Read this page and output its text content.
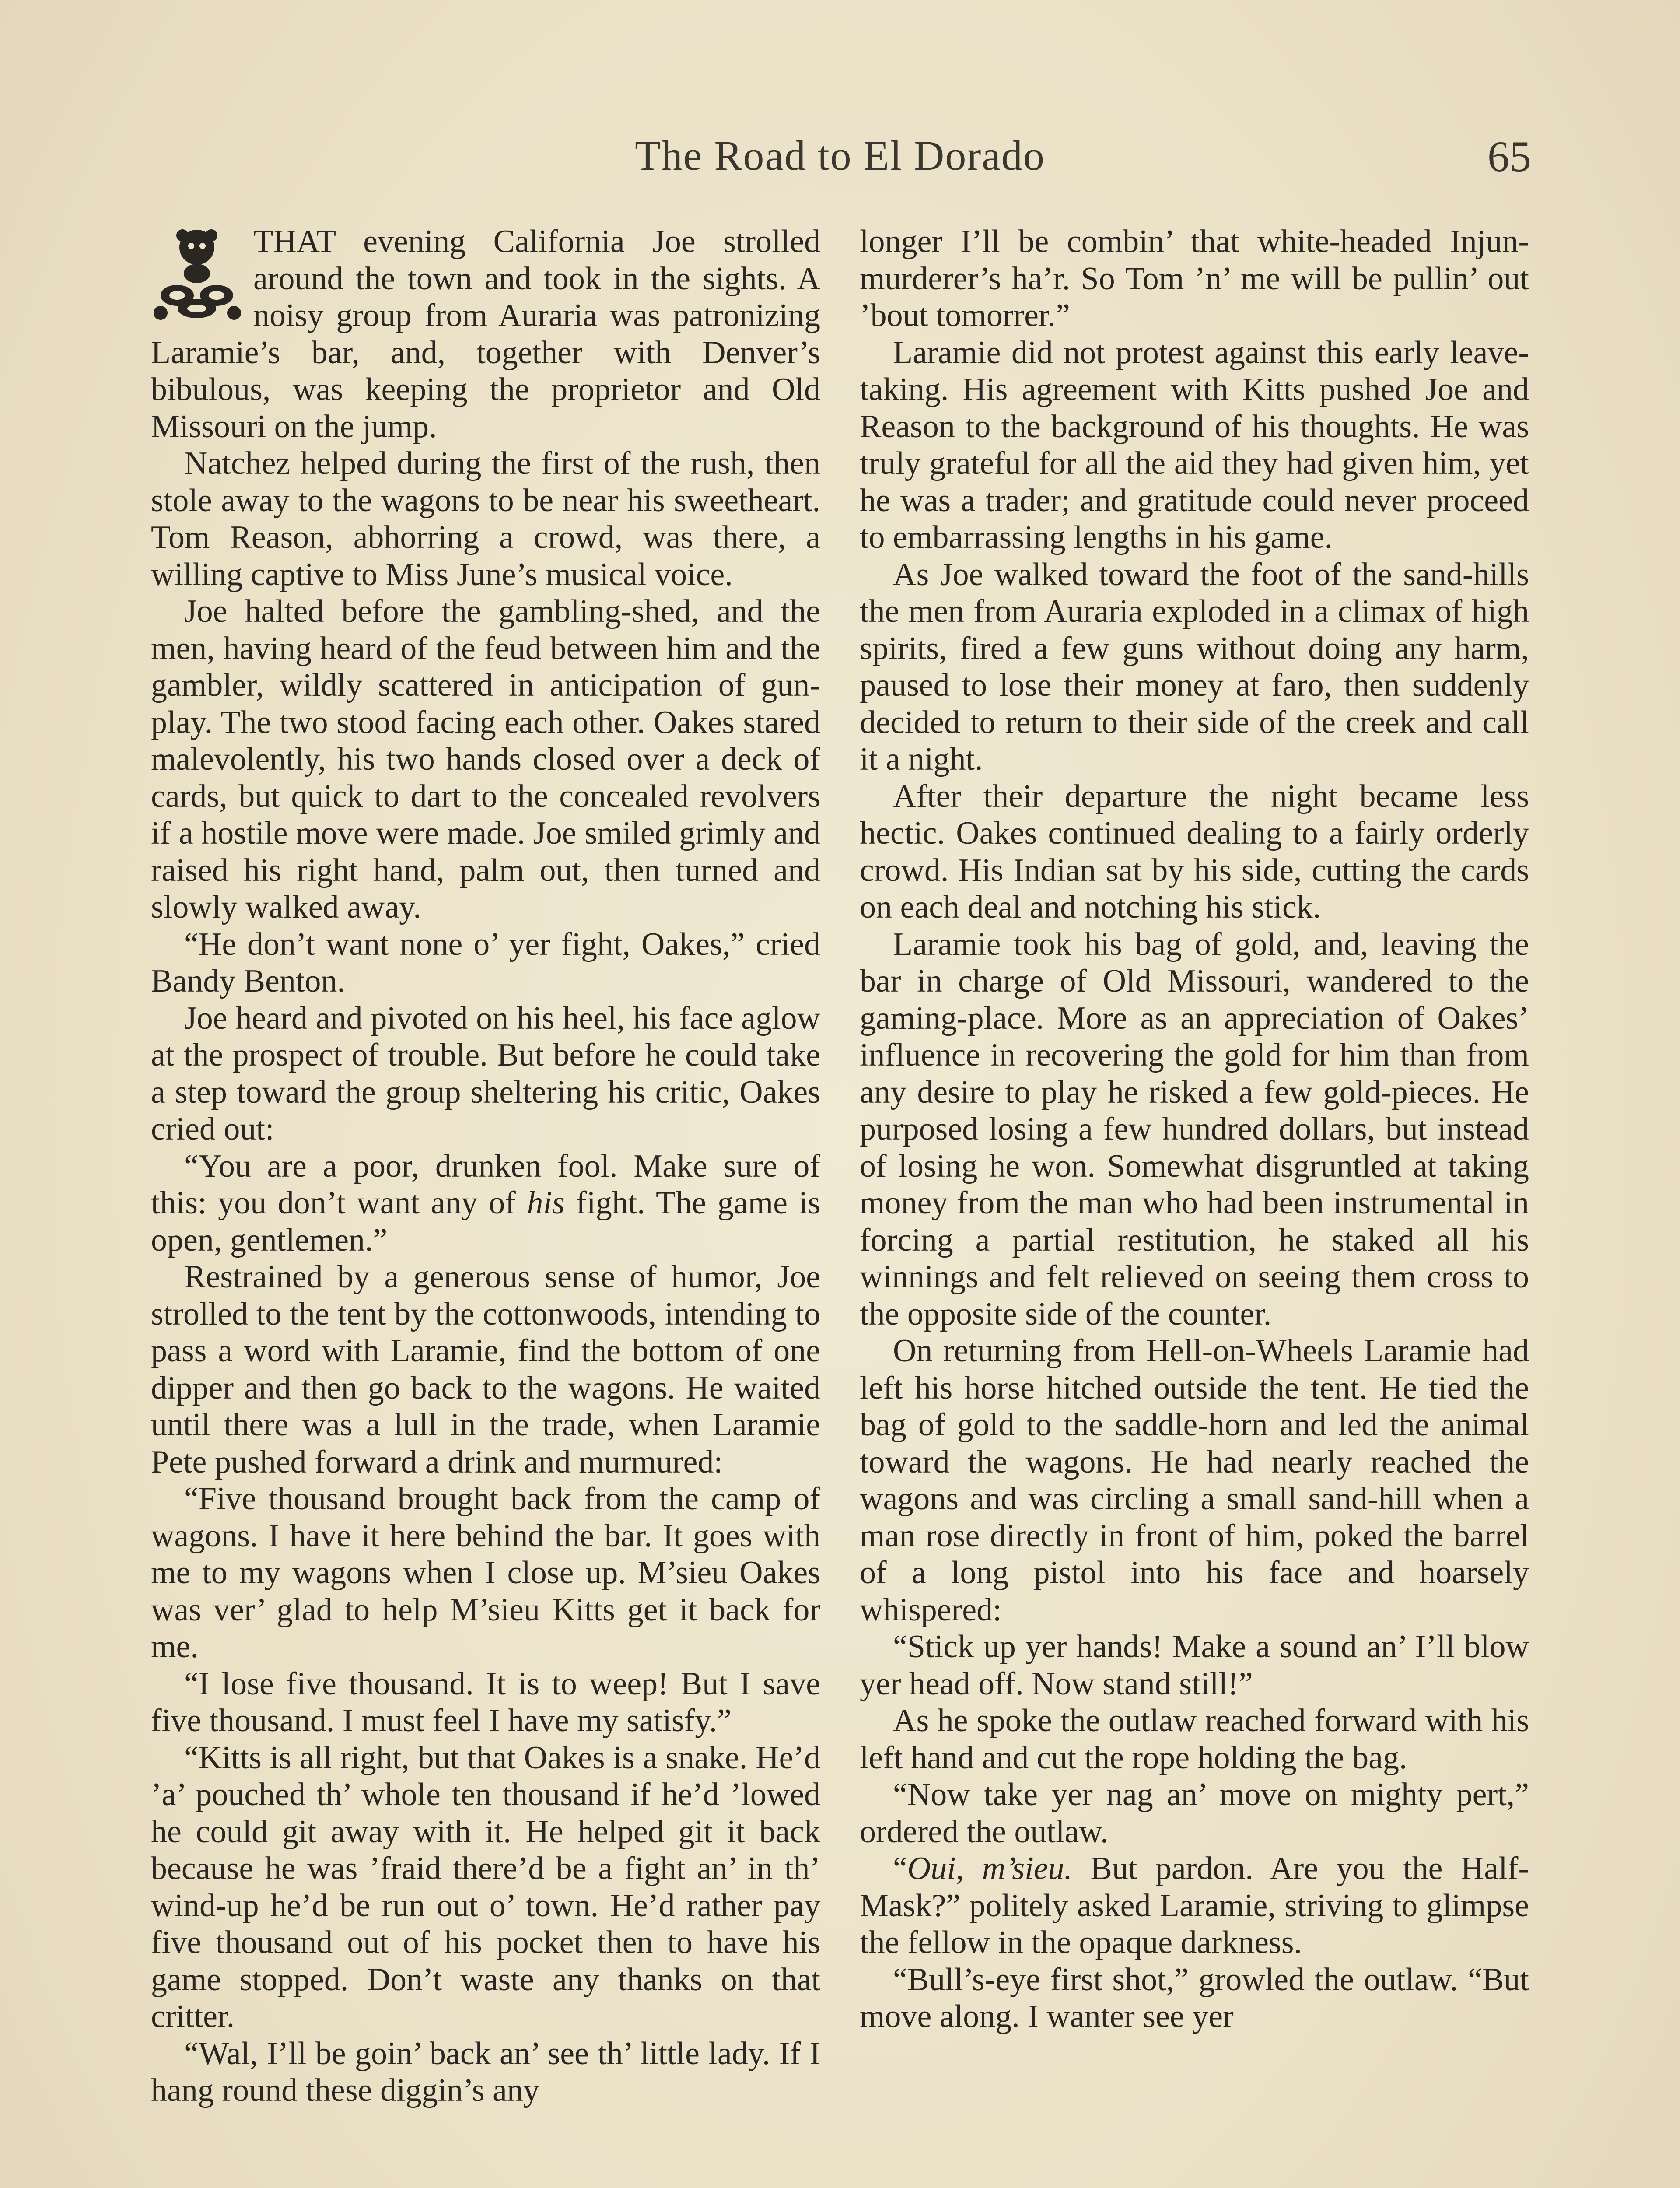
The Road to El Dorado	65

THAT evening California Joe strolled around the town and took in the sights. A noisy group from Auraria was patronizing Laramie’s bar, and, together with Denver’s bibulous, was keeping the proprietor and Old Missouri on the jump.

Natchez helped during the first of the rush, then stole away to the wagons to be near his sweetheart. Tom Reason, abhorring a crowd, was there, a willing captive to Miss June’s musical voice.

Joe halted before the gambling-shed, and the men, having heard of the feud between him and the gambler, wildly scattered in anticipation of gun-play. The two stood facing each other. Oakes stared malevolently, his two hands closed over a deck of cards, but quick to dart to the concealed revolvers if a hostile move were made. Joe smiled grimly and raised his right hand, palm out, then turned and slowly walked away.

“He don’t want none o’ yer fight, Oakes,” cried Bandy Benton.

Joe heard and pivoted on his heel, his face aglow at the prospect of trouble. But before he could take a step toward the group sheltering his critic, Oakes cried out:

“You are a poor, drunken fool. Make sure of this: you don’t want any of his fight. The game is open, gentlemen.”

Restrained by a generous sense of humor, Joe strolled to the tent by the cottonwoods, intending to pass a word with Laramie, find the bottom of one dipper and then go back to the wagons. He waited until there was a lull in the trade, when Laramie Pete pushed forward a drink and murmured:

“Five thousand brought back from the camp of wagons. I have it here behind the bar. It goes with me to my wagons when I close up. M’sieu Oakes was ver’ glad to help M’sieu Kitts get it back for me.

“I lose five thousand. It is to weep! But I save five thousand. I must feel I have my satisfy.”

“Kitts is all right, but that Oakes is a snake. He’d ’a’ pouched th’ whole ten thousand if he’d ’lowed he could git away with it. He helped git it back because he was ’fraid there’d be a fight an’ in th’ wind-up he’d be run out o’ town. He’d rather pay five thousand out of his pocket then to have his game stopped. Don’t waste any thanks on that critter.

“Wal, I’ll be goin’ back an’ see th’ little lady. If I hang round these diggin’s any

longer I’ll be combin’ that white-headed Injun-murderer’s ha’r. So Tom ’n’ me will be pullin’ out ’bout tomorrer.”

Laramie did not protest against this early leave-taking. His agreement with Kitts pushed Joe and Reason to the background of his thoughts. He was truly grateful for all the aid they had given him, yet he was a trader; and gratitude could never proceed to embarrassing lengths in his game.

As Joe walked toward the foot of the sand-hills the men from Auraria exploded in a climax of high spirits, fired a few guns without doing any harm, paused to lose their money at faro, then suddenly decided to return to their side of the creek and call it a night.

After their departure the night became less hectic. Oakes continued dealing to a fairly orderly crowd. His Indian sat by his side, cutting the cards on each deal and notching his stick.

Laramie took his bag of gold, and, leaving the bar in charge of Old Missouri, wandered to the gaming-place. More as an appreciation of Oakes’ influence in recovering the gold for him than from any desire to play he risked a few gold-pieces. He purposed losing a few hundred dollars, but instead of losing he won. Somewhat disgruntled at taking money from the man who had been instrumental in forcing a partial restitution, he staked all his winnings and felt relieved on seeing them cross to the opposite side of the counter.

On returning from Hell-on-Wheels Laramie had left his horse hitched outside the tent. He tied the bag of gold to the saddle-horn and led the animal toward the wagons. He had nearly reached the wagons and was circling a small sand-hill when a man rose directly in front of him, poked the barrel of a long pistol into his face and hoarsely whispered:

“Stick up yer hands! Make a sound an’ I’ll blow yer head off. Now stand still!”

As he spoke the outlaw reached forward with his left hand and cut the rope holding the bag.

“Now take yer nag an’ move on mighty pert,” ordered the outlaw.

“Oui, m’sieu. But pardon. Are you the Half-Mask?” politely asked Laramie, striving to glimpse the fellow in the opaque darkness.

“Bull’s-eye first shot,” growled the outlaw. “But move along. I wanter see yer
